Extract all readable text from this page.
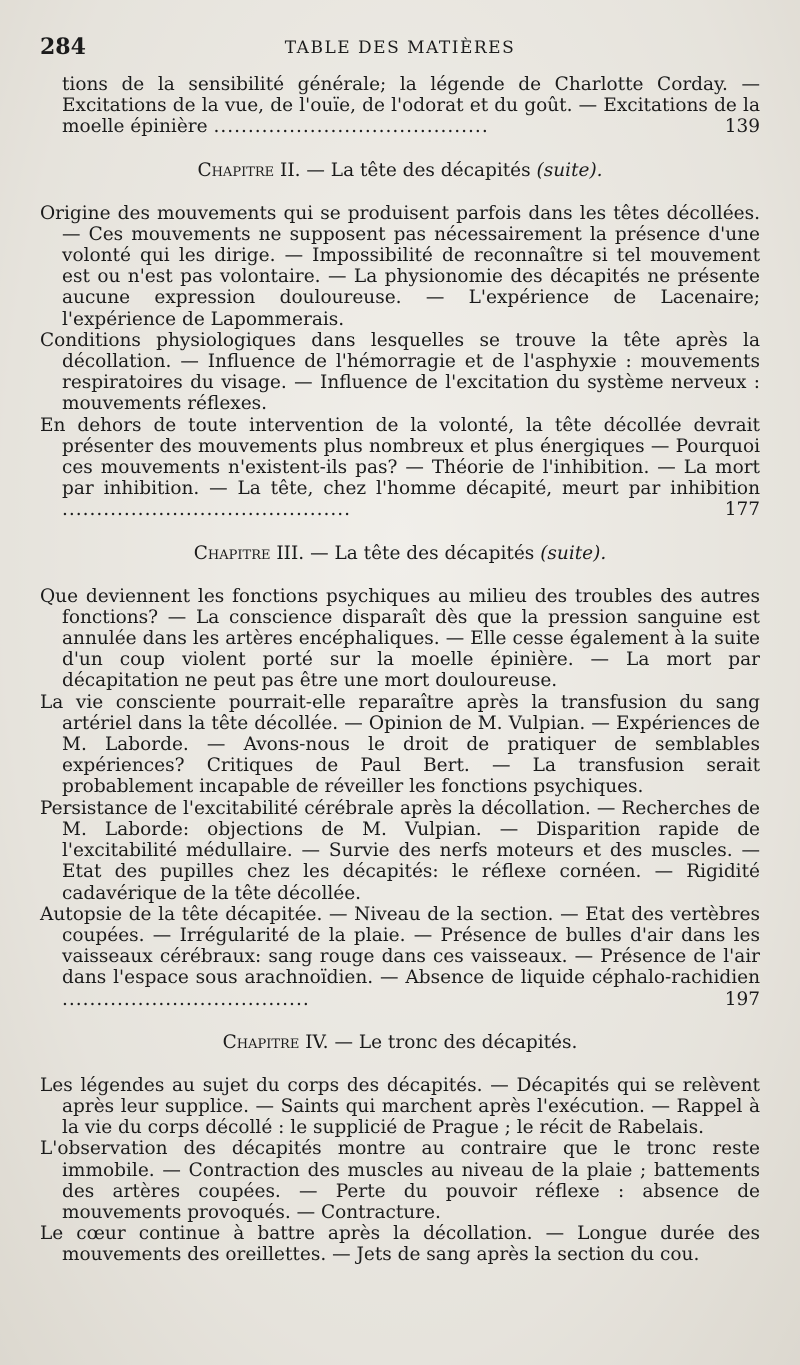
284	TABLE DES MATIÈRES

tions de la sensibilité générale; la légende de Charlotte Corday. — Excitations de la vue, de l'ouïe, de l'odorat et du goût. — Excitations de la moelle épinière ........................................	139

Chapitre II. — La tête des décapités (suite).

Origine des mouvements qui se produisent parfois dans les têtes décollées. — Ces mouvements ne supposent pas nécessairement la présence d'une volonté qui les dirige. — Impossibilité de reconnaître si tel mouvement est ou n'est pas volontaire. — La physionomie des décapités ne présente aucune expression douloureuse. — L'expérience de Lacenaire; l'expérience de Lapommerais.

Conditions physiologiques dans lesquelles se trouve la tête après la décollation. — Influence de l'hémorragie et de l'asphyxie : mouvements respiratoires du visage. — Influence de l'excitation du système nerveux : mouvements réflexes.

En dehors de toute intervention de la volonté, la tête décollée devrait présenter des mouvements plus nombreux et plus énergiques — Pourquoi ces mouvements n'existent-ils pas? — Théorie de l'inhibition. — La mort par inhibition. — La tête, chez l'homme décapité, meurt par inhibition ..........................................	177

Chapitre III. — La tête des décapités (suite).

Que deviennent les fonctions psychiques au milieu des troubles des autres fonctions? — La conscience disparaît dès que la pression sanguine est annulée dans les artères encéphaliques. — Elle cesse également à la suite d'un coup violent porté sur la moelle épinière. — La mort par décapitation ne peut pas être une mort douloureuse.

La vie consciente pourrait-elle reparaître après la transfusion du sang artériel dans la tête décollée. — Opinion de M. Vulpian. — Expériences de M. Laborde. — Avons-nous le droit de pratiquer de semblables expériences? Critiques de Paul Bert. — La transfusion serait probablement incapable de réveiller les fonctions psychiques.

Persistance de l'excitabilité cérébrale après la décollation. — Recherches de M. Laborde: objections de M. Vulpian. — Disparition rapide de l'excitabilité médullaire. — Survie des nerfs moteurs et des muscles. — Etat des pupilles chez les décapités: le réflexe cornéen. — Rigidité cadavérique de la tête décollée.

Autopsie de la tête décapitée. — Niveau de la section. — Etat des vertèbres coupées. — Irrégularité de la plaie. — Présence de bulles d'air dans les vaisseaux cérébraux: sang rouge dans ces vaisseaux. — Présence de l'air dans l'espace sous arachnoïdien. — Absence de liquide céphalo-rachidien ....................................	197

Chapitre IV. — Le tronc des décapités.

Les légendes au sujet du corps des décapités. — Décapités qui se relèvent après leur supplice. — Saints qui marchent après l'exécution. — Rappel à la vie du corps décollé : le supplicié de Prague ; le récit de Rabelais.

L'observation des décapités montre au contraire que le tronc reste immobile. — Contraction des muscles au niveau de la plaie ; battements des artères coupées. — Perte du pouvoir réflexe : absence de mouvements provoqués. — Contracture.

Le cœur continue à battre après la décollation. — Longue durée des mouvements des oreillettes. — Jets de sang après la section du cou.
